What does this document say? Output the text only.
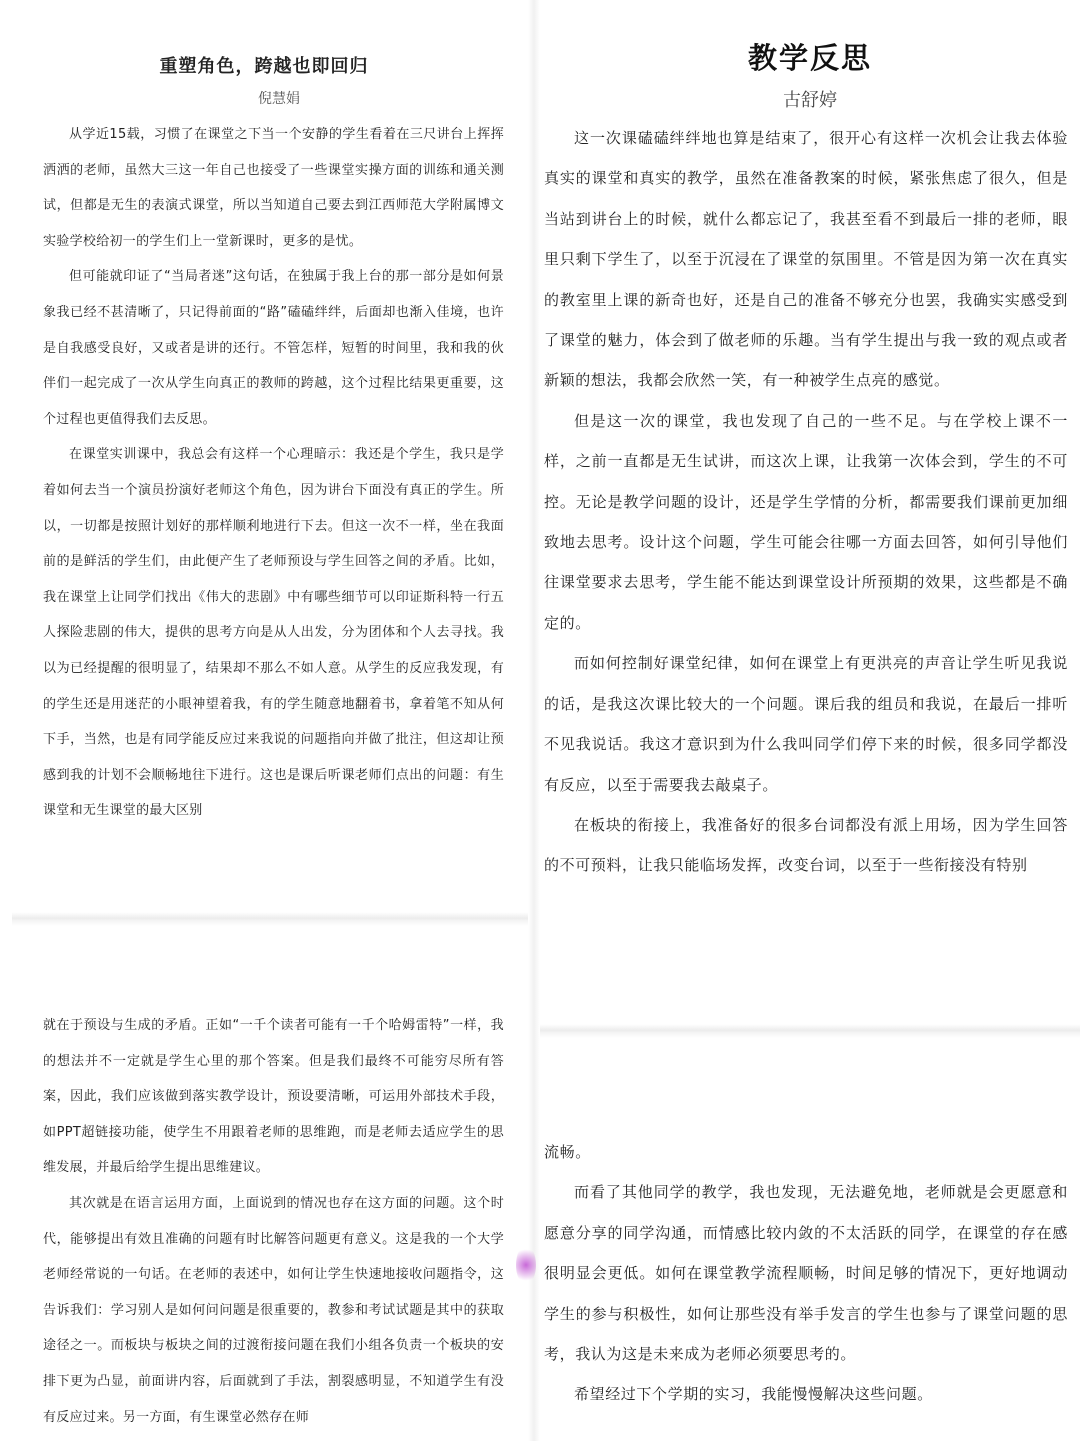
重塑角色，跨越也即回归
倪慧娟

从学近15载，习惯了在课堂之下当一个安静的学生看着在三尺讲台上挥挥洒洒的老师，虽然大三这一年自己也接受了一些课堂实操方面的训练和通关测试，但都是无生的表演式课堂，所以当知道自己要去到江西师范大学附属博文实验学校给初一的学生们上一堂新课时，更多的是忧。

但可能就印证了“当局者迷”这句话，在独属于我上台的那一部分是如何景象我已经不甚清晰了，只记得前面的“路”磕磕绊绊，后面却也渐入佳境，也许是自我感受良好，又或者是讲的还行。不管怎样，短暂的时间里，我和我的伙伴们一起完成了一次从学生向真正的教师的跨越，这个过程比结果更重要，这个过程也更值得我们去反思。

在课堂实训课中，我总会有这样一个心理暗示：我还是个学生，我只是学着如何去当一个演员扮演好老师这个角色，因为讲台下面没有真正的学生。所以，一切都是按照计划好的那样顺利地进行下去。但这一次不一样，坐在我面前的是鲜活的学生们，由此便产生了老师预设与学生回答之间的矛盾。比如，我在课堂上让同学们找出《伟大的悲剧》中有哪些细节可以印证斯科特一行五人探险悲剧的伟大，提供的思考方向是从人出发，分为团体和个人去寻找。我以为已经提醒的很明显了，结果却不那么不如人意。从学生的反应我发现，有的学生还是用迷茫的小眼神望着我，有的学生随意地翻着书，拿着笔不知从何下手，当然，也是有同学能反应过来我说的问题指向并做了批注，但这却让预感到我的计划不会顺畅地往下进行。这也是课后听课老师们点出的问题：有生课堂和无生课堂的最大区别

就在于预设与生成的矛盾。正如“一千个读者可能有一千个哈姆雷特”一样，我的想法并不一定就是学生心里的那个答案。但是我们最终不可能穷尽所有答案，因此，我们应该做到落实教学设计，预设要清晰，可运用外部技术手段，如PPT超链接功能，使学生不用跟着老师的思维跑，而是老师去适应学生的思维发展，并最后给学生提出思维建议。

其次就是在语言运用方面，上面说到的情况也存在这方面的问题。这个时代，能够提出有效且准确的问题有时比解答问题更有意义。这是我的一个大学老师经常说的一句话。在老师的表述中，如何让学生快速地接收问题指令，这告诉我们：学习别人是如何问问题是很重要的，教参和考试试题是其中的获取途径之一。而板块与板块之间的过渡衔接问题在我们小组各负责一个板块的安排下更为凸显，前面讲内容，后面就到了手法，割裂感明显，不知道学生有没有反应过来。另一方面，有生课堂必然存在师

教学反思
古舒婷

这一次课磕磕绊绊地也算是结束了，很开心有这样一次机会让我去体验真实的课堂和真实的教学，虽然在准备教案的时候，紧张焦虑了很久，但是当站到讲台上的时候，就什么都忘记了，我甚至看不到最后一排的老师，眼里只剩下学生了，以至于沉浸在了课堂的氛围里。不管是因为第一次在真实的教室里上课的新奇也好，还是自己的准备不够充分也罢，我确实实感受到了课堂的魅力，体会到了做老师的乐趣。当有学生提出与我一致的观点或者新颖的想法，我都会欣然一笑，有一种被学生点亮的感觉。

但是这一次的课堂，我也发现了自己的一些不足。与在学校上课不一样，之前一直都是无生试讲，而这次上课，让我第一次体会到，学生的不可控。无论是教学问题的设计，还是学生学情的分析，都需要我们课前更加细致地去思考。设计这个问题，学生可能会往哪一方面去回答，如何引导他们往课堂要求去思考，学生能不能达到课堂设计所预期的效果，这些都是不确定的。

而如何控制好课堂纪律，如何在课堂上有更洪亮的声音让学生听见我说的话，是我这次课比较大的一个问题。课后我的组员和我说，在最后一排听不见我说话。我这才意识到为什么我叫同学们停下来的时候，很多同学都没有反应，以至于需要我去敲桌子。

在板块的衔接上，我准备好的很多台词都没有派上用场，因为学生回答的不可预料，让我只能临场发挥，改变台词，以至于一些衔接没有特别

流畅。

而看了其他同学的教学，我也发现，无法避免地，老师就是会更愿意和愿意分享的同学沟通，而情感比较内敛的不太活跃的同学，在课堂的存在感很明显会更低。如何在课堂教学流程顺畅，时间足够的情况下，更好地调动学生的参与积极性，如何让那些没有举手发言的学生也参与了课堂问题的思考，我认为这是未来成为老师必须要思考的。

希望经过下个学期的实习，我能慢慢解决这些问题。
